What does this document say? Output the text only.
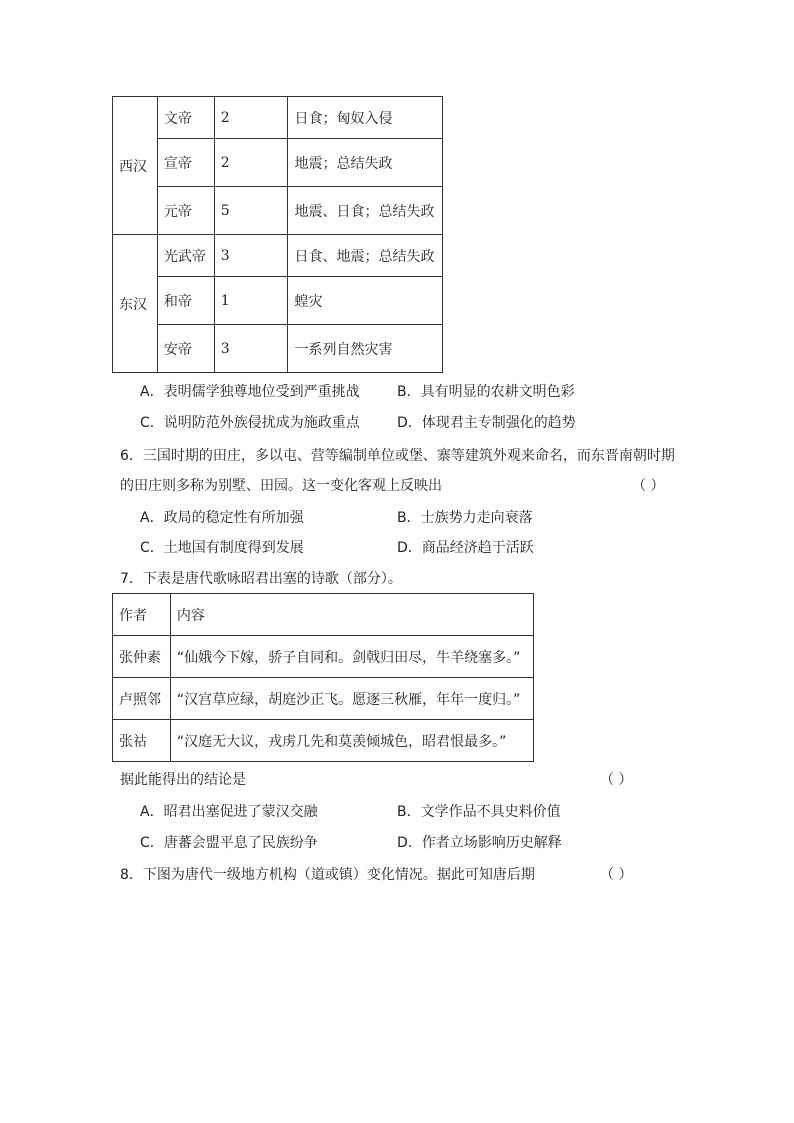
西汉	文帝	2	日食；匈奴入侵
	宣帝	2	地震；总结失政
	元帝	5	地震、日食；总结失政
东汉	光武帝	3	日食、地震；总结失政
	和帝	1	蝗灾
	安帝	3	一系列自然灾害
A．表明儒学独尊地位受到严重挑战	B．具有明显的农耕文明色彩
C．说明防范外族侵扰成为施政重点	D．体现君主专制强化的趋势
6．三国时期的田庄，多以屯、营等编制单位或堡、寨等建筑外观来命名，而东晋南朝时期
的田庄则多称为别墅、田园。这一变化客观上反映出	（ ）
A．政局的稳定性有所加强	B．士族势力走向衰落
C．土地国有制度得到发展	D．商品经济趋于活跃
7．下表是唐代歌咏昭君出塞的诗歌（部分）。
作者	内容
张仲素	“仙娥今下嫁，骄子自同和。剑戟归田尽，牛羊绕塞多。”
卢照邻	“汉宫草应绿，胡庭沙正飞。愿逐三秋雁，年年一度归。”
张祜	“汉庭无大议，戎虏几先和莫羡倾城色，昭君恨最多。”
据此能得出的结论是	（ ）
A．昭君出塞促进了蒙汉交融	B．文学作品不具史料价值
C．唐蕃会盟平息了民族纷争	D．作者立场影响历史解释
8．下图为唐代一级地方机构（道或镇）变化情况。据此可知唐后期	（ ）
